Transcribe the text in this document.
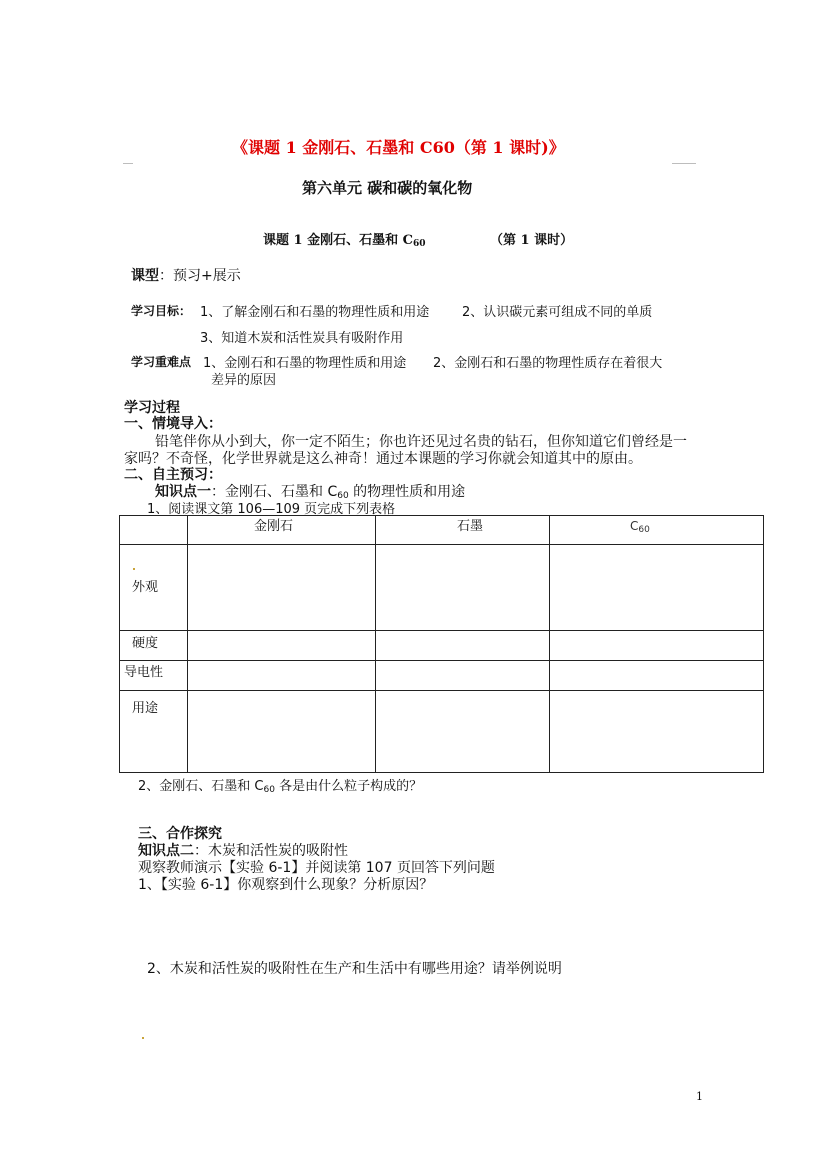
《课题 1 金刚石、石墨和 C60（第 1 课时)》
第六单元 碳和碳的氧化物
课题 1 金刚石、石墨和 $C_{60}$	（第 1 课时）
课型：预习+展示
学习目标： 1、了解金刚石和石墨的物理性质和用途	2、认识碳元素可组成不同的单质
3、知道木炭和活性炭具有吸附作用
学习重难点 1、金刚石和石墨的物理性质和用途 2、金刚石和石墨的物理性质存在着很大
差异的原因
学习过程
一、情境导入：
铅笔伴你从小到大，你一定不陌生；你也许还见过名贵的钻石，但你知道它们曾经是一
家吗？不奇怪，化学世界就是这么神奇！通过本课题的学习你就会知道其中的原由。
二、自主预习：
知识点一：金刚石、石墨和 $C_{60}$ 的物理性质和用途
1、阅读课文第 106—109 页完成下列表格

	金刚石	石墨	$C_{60}$

外观			

硬度			

导电性			

用途			

2、金刚石、石墨和 $C_{60}$ 各是由什么粒子构成的？
三、合作探究
知识点二：木炭和活性炭的吸附性
观察教师演示【实验 6-1】并阅读第 107 页回答下列问题
1、【实验 6-1】你观察到什么现象？分析原因？
2、木炭和活性炭的吸附性在生产和生活中有哪些用途？请举例说明
1
